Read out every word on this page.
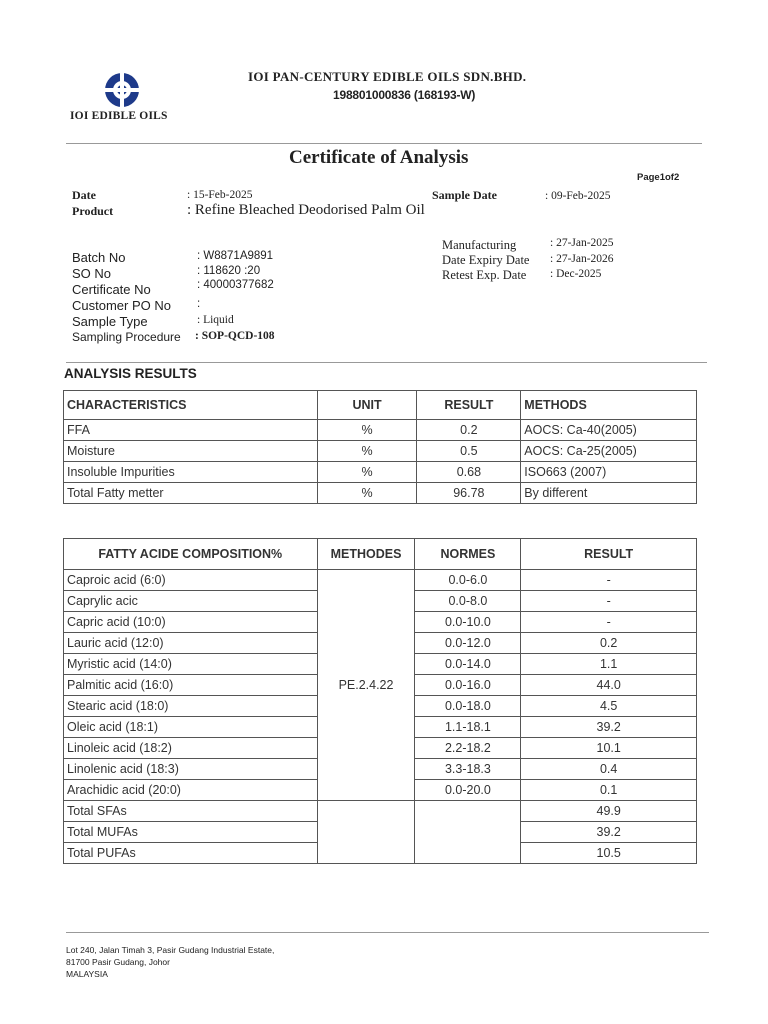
IOI EDIBLE OILS
IOI PAN-CENTURY EDIBLE OILS SDN.BHD.
198801000836 (168193-W)
Certificate of Analysis
Page1of2
Date	: 15-Feb-2025	Sample Date	: 09-Feb-2025
Product	: Refine Bleached Deodorised Palm Oil
Batch No	: W8871A9891
SO No	: 118620 :20
Certificate No	: 40000377682
Customer PO No :
Sample Type	: Liquid
Sampling Procedure : SOP-QCD-108
Manufacturing	: 27-Jan-2025
Date Expiry Date : 27-Jan-2026
Retest Exp. Date : Dec-2025
ANALYSIS RESULTS
CHARACTERISTICS	UNIT	RESULT	METHODS
FFA	%	0.2	AOCS: Ca-40(2005)
Moisture	%	0.5	AOCS: Ca-25(2005)
Insoluble Impurities	%	0.68	ISO663 (2007)
Total Fatty metter	%	96.78	By different
FATTY ACIDE COMPOSITION%	METHODES	NORMES	RESULT
Caproic acid (6:0)	PE.2.4.22	0.0-6.0	-
Caprylic acic		0.0-8.0	-
Capric acid (10:0)		0.0-10.0	-
Lauric acid (12:0)		0.0-12.0	0.2
Myristic acid (14:0)		0.0-14.0	1.1
Palmitic acid (16:0)		0.0-16.0	44.0
Stearic acid (18:0)		0.0-18.0	4.5
Oleic acid (18:1)		1.1-18.1	39.2
Linoleic acid (18:2)		2.2-18.2	10.1
Linolenic acid (18:3)		3.3-18.3	0.4
Arachidic acid (20:0)		0.0-20.0	0.1
Total SFAs			49.9
Total MUFAs			39.2
Total PUFAs			10.5
Lot 240, Jalan Timah 3, Pasir Gudang Industrial Estate,
81700 Pasir Gudang, Johor
MALAYSIA
